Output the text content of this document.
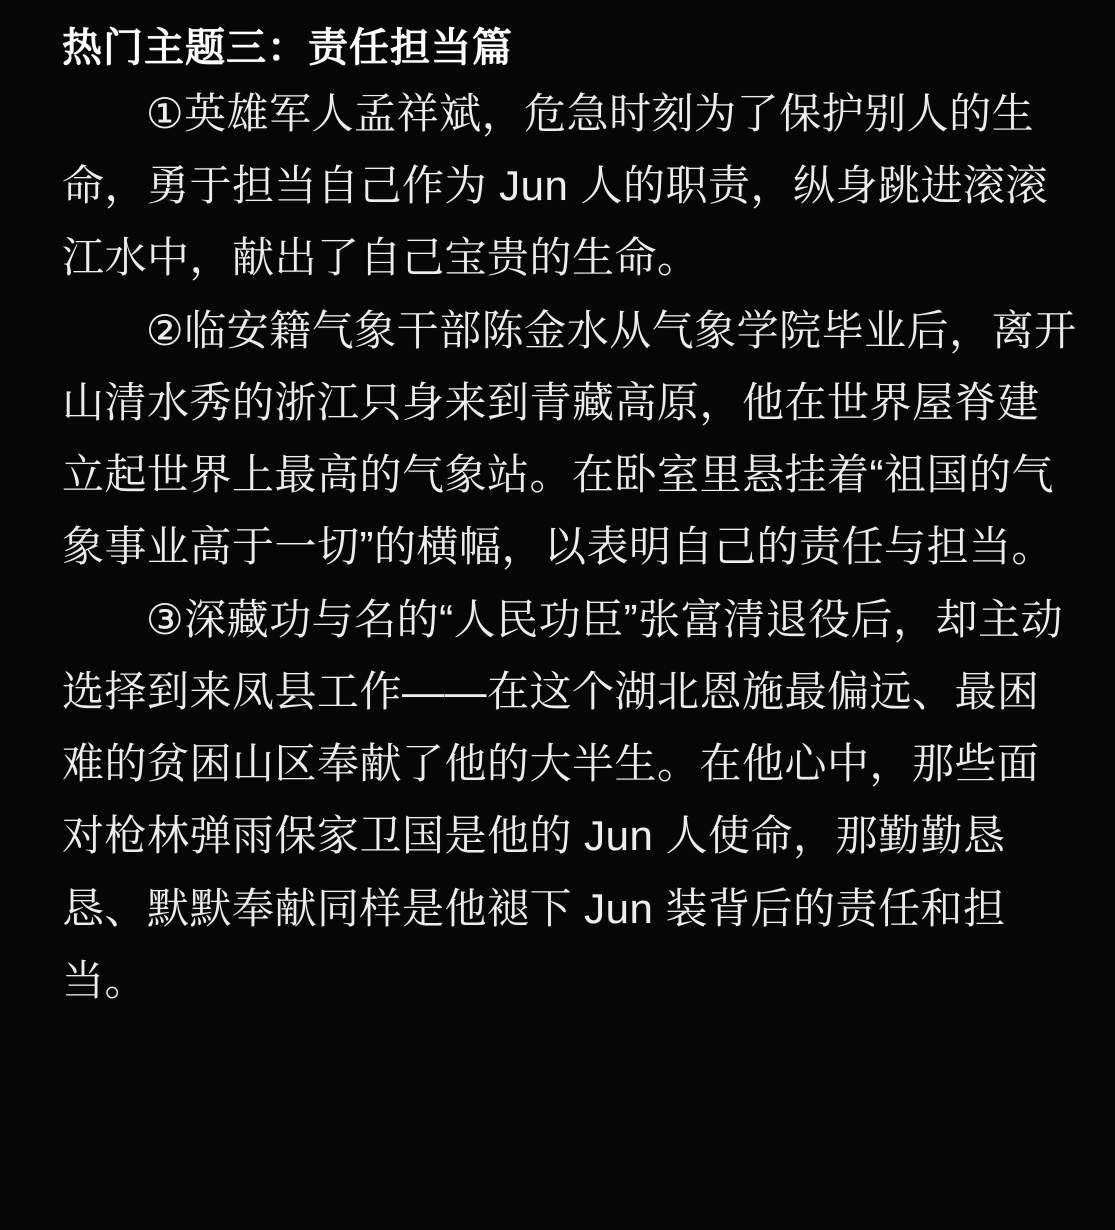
热门主题三：责任担当篇

①英雄军人孟祥斌，危急时刻为了保护别人的生命，勇于担当自己作为 Jun 人的职责，纵身跳进滚滚江水中，献出了自己宝贵的生命。

②临安籍气象干部陈金水从气象学院毕业后，离开山清水秀的浙江只身来到青藏高原，他在世界屋脊建立起世界上最高的气象站。在卧室里悬挂着“祖国的气象事业高于一切”的横幅，以表明自己的责任与担当。

③深藏功与名的“人民功臣”张富清退役后，却主动选择到来凤县工作——在这个湖北恩施最偏远、最困难的贫困山区奉献了他的大半生。在他心中，那些面对枪林弹雨保家卫国是他的 Jun 人使命，那勤勤恳恳、默默奉献同样是他褪下 Jun 装背后的责任和担当。
